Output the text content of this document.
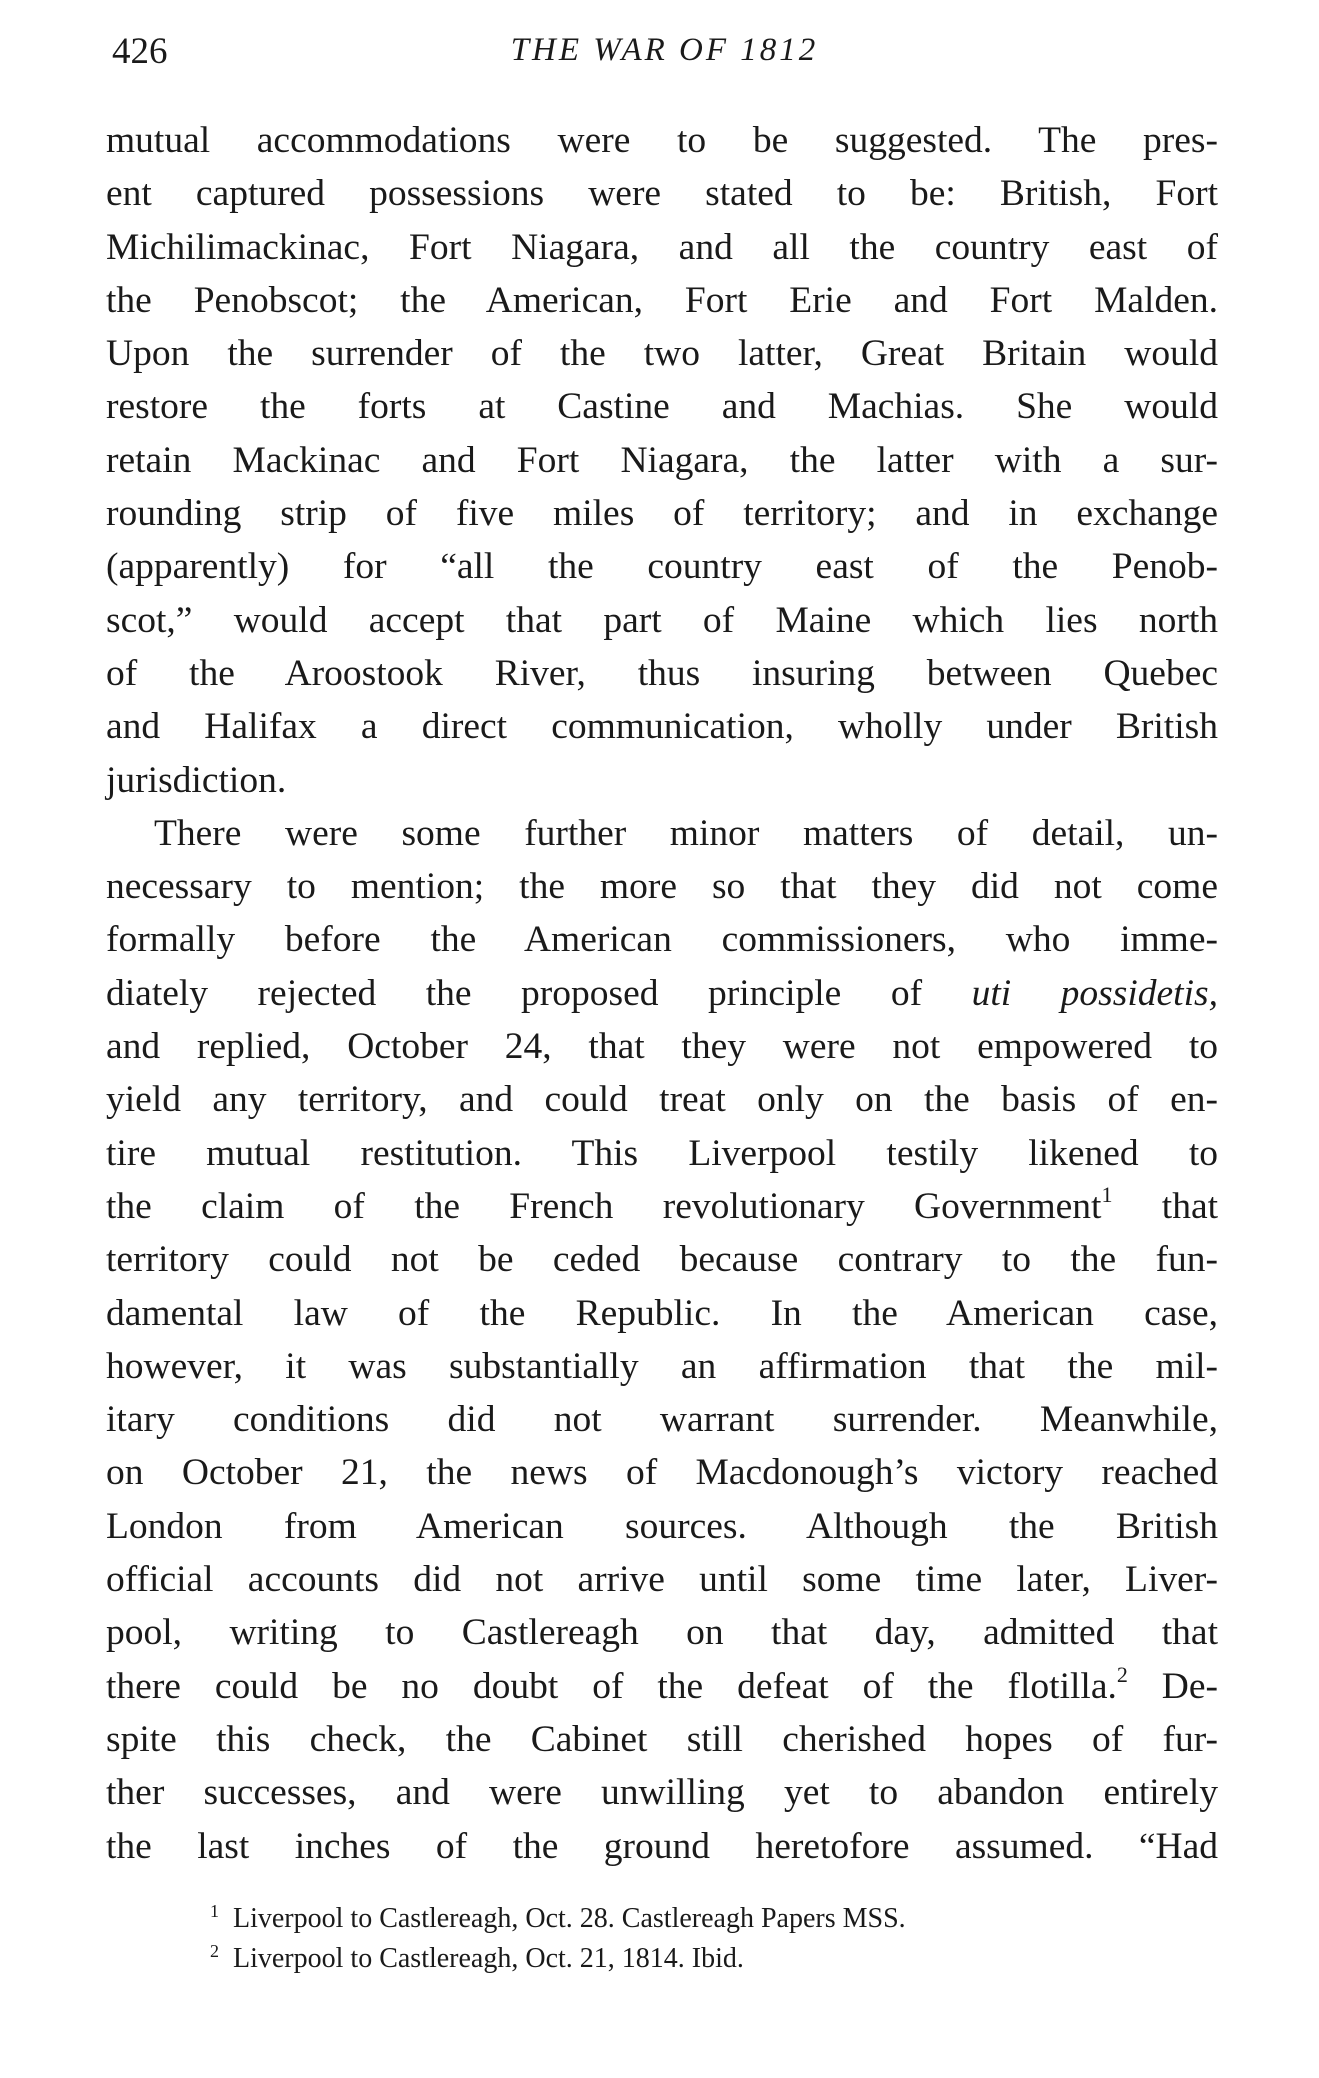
426	THE WAR OF 1812
mutual accommodations were to be suggested. The pres-
ent captured possessions were stated to be: British, Fort
Michilimackinac, Fort Niagara, and all the country east of
the Penobscot; the American, Fort Erie and Fort Malden.
Upon the surrender of the two latter, Great Britain would
restore the forts at Castine and Machias. She would
retain Mackinac and Fort Niagara, the latter with a sur-
rounding strip of five miles of territory; and in exchange
(apparently) for “all the country east of the Penob-
scot,” would accept that part of Maine which lies north
of the Aroostook River, thus insuring between Quebec
and Halifax a direct communication, wholly under British
jurisdiction.
There were some further minor matters of detail, un-
necessary to mention; the more so that they did not come
formally before the American commissioners, who imme-
diately rejected the proposed principle of uti possidetis,
and replied, October 24, that they were not empowered to
yield any territory, and could treat only on the basis of en-
tire mutual restitution. This Liverpool testily likened to
the claim of the French revolutionary Government$^1$ that
territory could not be ceded because contrary to the fun-
damental law of the Republic. In the American case,
however, it was substantially an affirmation that the mil-
itary conditions did not warrant surrender. Meanwhile,
on October 21, the news of Macdonough’s victory reached
London from American sources. Although the British
official accounts did not arrive until some time later, Liver-
pool, writing to Castlereagh on that day, admitted that
there could be no doubt of the defeat of the flotilla.$^2$ De-
spite this check, the Cabinet still cherished hopes of fur-
ther successes, and were unwilling yet to abandon entirely
the last inches of the ground heretofore assumed. “Had
$^1$ Liverpool to Castlereagh, Oct. 28. Castlereagh Papers MSS.
$^2$ Liverpool to Castlereagh, Oct. 21, 1814. Ibid.
